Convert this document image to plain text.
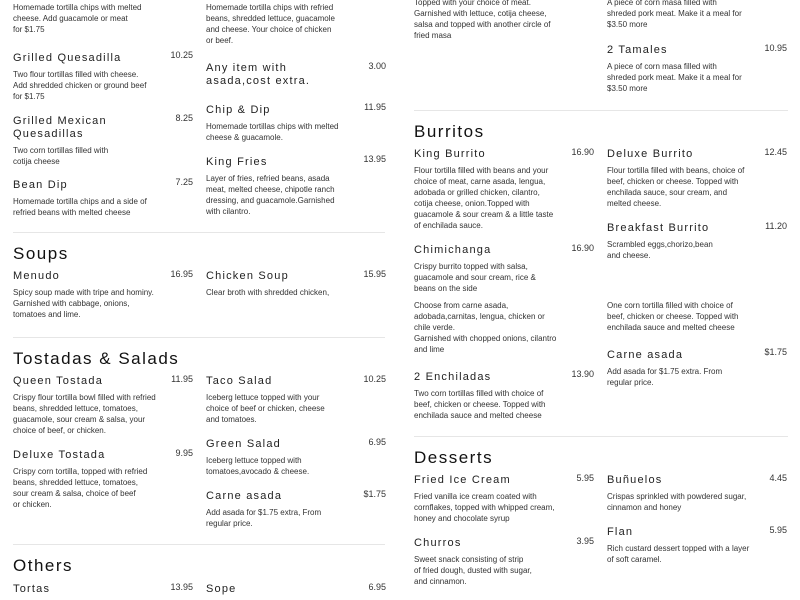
Homemade tortilla chips with melted
cheese. Add guacamole or meat
for $1.75
Homemade tortilla chips with refried
beans, shredded lettuce, guacamole
and cheese. Your choice of chicken
or beef.
Grilled Quesadilla
Two flour tortillas filled with cheese.
Add shredded chicken or ground beef
for $1.75
10.25
Any item with
asada,cost extra.
3.00
Grilled Mexican
Quesadillas
Two corn tortillas filled with
cotija cheese
8.25
Chip & Dip
Homemade tortillas chips with melted
cheese & guacamole.
11.95
Bean Dip
Homemade tortilla chips and a side of
refried beans with melted cheese
7.25
King Fries
Layer of fries, refried beans, asada
meat, melted cheese, chipotle ranch
dressing, and guacamole.Garnished
with cilantro.
13.95
Soups
Menudo
Spicy soup made with tripe and hominy.
Garnished with cabbage, onions,
tomatoes and lime.
16.95 Chicken Soup
Clear broth with shredded chicken,
15.95
Tostadas & Salads
Queen Tostada
Crispy flour tortilla bowl filled with refried
beans, shredded lettuce, tomatoes,
guacamole, sour cream & salsa, your
choice of beef, or chicken.
11.95 Taco Salad
Iceberg lettuce topped with your
choice of beef or chicken, cheese
and tomatoes.
10.25
Deluxe Tostada
Crispy corn tortilla, topped with refried
beans, shredded lettuce, tomatoes,
sour cream & salsa, choice of beef
or chicken.
9.95
Green Salad
Iceberg lettuce topped with
tomatoes,avocado & cheese.
6.95
Carne asada
Add asada for $1.75 extra, From
regular price.
$1.75
Others
Tortas	13.95 Sope	6.95
Topped with your choice of meat.
Garnished with lettuce, cotija cheese,
salsa and topped with another circle of
fried masa
A piece of corn masa filled with
shreded pork meat. Make it a meal for
$3.50 more
2 Tamales
A piece of corn masa filled with
shreded pork meat. Make it a meal for
$3.50 more
10.95
Burritos
King Burrito
Flour tortilla filled with beans and your
choice of meat, carne asada, lengua,
adobada or grilled chicken, cilantro,
cotija cheese, onion.Topped with
guacamole & sour cream & a little taste
of enchilada sauce.
16.90 Deluxe Burrito
Flour tortilla filled with beans, choice of
beef, chicken or cheese. Topped with
enchilada sauce, sour cream, and
melted cheese.
12.45
Breakfast Burrito
Scrambled eggs,chorizo,bean
and cheese.
11.20
Chimichanga
Crispy burrito topped with salsa,
guacamole and sour cream, rice &
beans on the side
16.90
Choose from carne asada,
adobada,carnitas, lengua, chicken or
chile verde.
Garnished with chopped onions, cilantro
and lime
One corn tortilla filled with choice of
beef, chicken or cheese. Topped with
enchilada sauce and melted cheese
Carne asada
Add asada for $1.75 extra. From
regular price.
$1.75
2 Enchiladas
Two corn tortillas filled with choice of
beef, chicken or cheese. Topped with
enchilada sauce and melted cheese
13.90
Desserts
Fried Ice Cream
Fried vanilla ice cream coated with
cornflakes, topped with whipped cream,
honey and chocolate syrup
5.95 Buñuelos
Crispas sprinkled with powdered sugar,
cinnamon and honey
4.45
Flan
Rich custard dessert topped with a layer
of soft caramel.
5.95
Churros
Sweet snack consisting of strip
of fried dough, dusted with sugar,
and cinnamon.
3.95
